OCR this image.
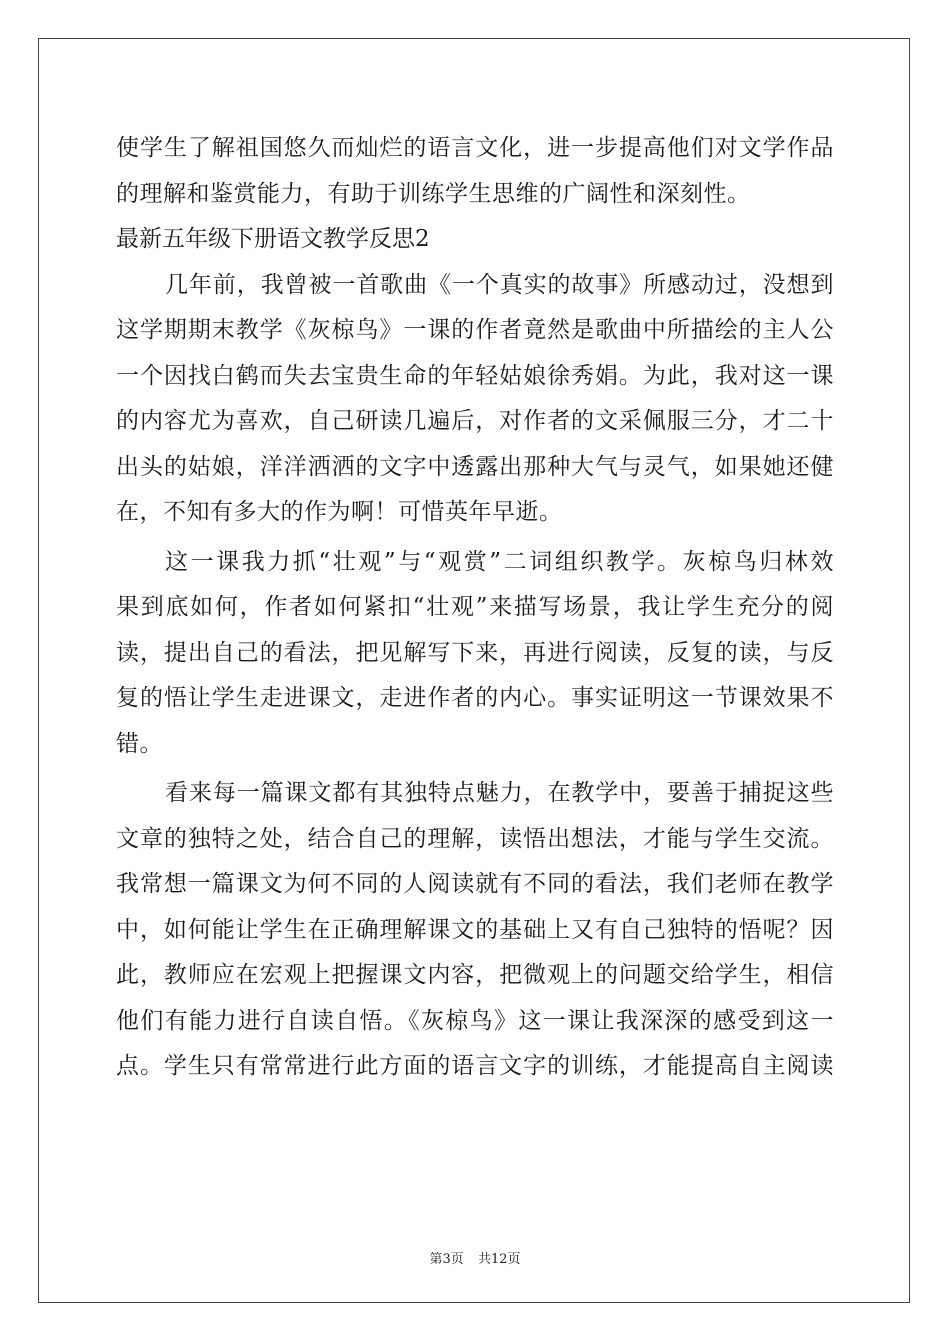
使学生了解祖国悠久而灿烂的语言文化，进一步提高他们对文学作品
的理解和鉴赏能力，有助于训练学生思维的广阔性和深刻性。
最新五年级下册语文教学反思2
几年前，我曾被一首歌曲《一个真实的故事》所感动过，没想到
这学期期末教学《灰椋鸟》一课的作者竟然是歌曲中所描绘的主人公
一个因找白鹤而失去宝贵生命的年轻姑娘徐秀娟。为此，我对这一课
的内容尤为喜欢，自己研读几遍后，对作者的文采佩服三分，才二十
出头的姑娘，洋洋洒洒的文字中透露出那种大气与灵气，如果她还健
在，不知有多大的作为啊！可惜英年早逝。
这一课我力抓“壮观”与“观赏”二词组织教学。灰椋鸟归林效
果到底如何，作者如何紧扣“壮观”来描写场景，我让学生充分的阅
读，提出自己的看法，把见解写下来，再进行阅读，反复的读，与反
复的悟让学生走进课文，走进作者的内心。事实证明这一节课效果不
错。
看来每一篇课文都有其独特点魅力，在教学中，要善于捕捉这些
文章的独特之处，结合自己的理解，读悟出想法，才能与学生交流。
我常想一篇课文为何不同的人阅读就有不同的看法，我们老师在教学
中，如何能让学生在正确理解课文的基础上又有自己独特的悟呢？因
此，教师应在宏观上把握课文内容，把微观上的问题交给学生，相信
他们有能力进行自读自悟。《灰椋鸟》这一课让我深深的感受到这一
点。学生只有常常进行此方面的语言文字的训练，才能提高自主阅读
第3页 共12页
